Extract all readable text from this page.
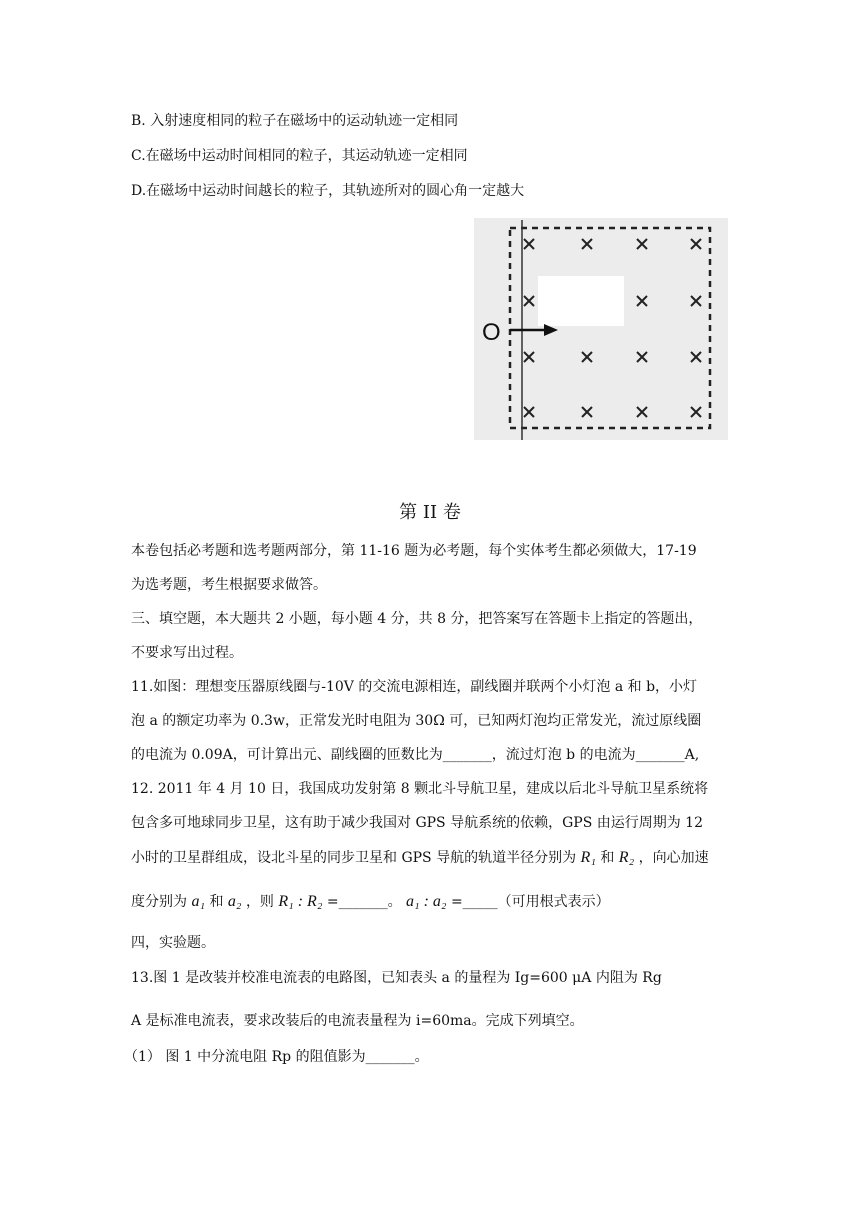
B. 入射速度相同的粒子在磁场中的运动轨迹一定相同
C.在磁场中运动时间相同的粒子，其运动轨迹一定相同
D.在磁场中运动时间越长的粒子，其轨迹所对的圆心角一定越大
O
第 II 卷
本卷包括必考题和选考题两部分，第 11-16 题为必考题，每个实体考生都必须做大，17-19
为选考题，考生根据要求做答。
三、填空题，本大题共 2 小题，每小题 4 分，共 8 分，把答案写在答题卡上指定的答题出，
不要求写出过程。
11.如图：理想变压器原线圈与-10V 的交流电源相连，副线圈并联两个小灯泡 a 和 b，小灯
泡 a 的额定功率为 0.3w，正常发光时电阻为 30Ω 可，已知两灯泡均正常发光，流过原线圈
的电流为 0.09A，可计算出元、副线圈的匝数比为_______，流过灯泡 b 的电流为_______A,
12. 2011 年 4 月 10 日，我国成功发射第 8 颗北斗导航卫星，建成以后北斗导航卫星系统将
包含多可地球同步卫星，这有助于减少我国对 GPS 导航系统的依赖，GPS 由运行周期为 12
小时的卫星群组成，设北斗星的同步卫星和 GPS 导航的轨道半径分别为 R₁ 和 R₂ ，向心加速
度分别为 a₁ 和 a₂ ，则 R₁ : R₂ =_______。 a₁ : a₂ =_____（可用根式表示）
四，实验题。
13.图 1 是改装并校准电流表的电路图，已知表头 a 的量程为 Ig=600 μA 内阻为 Rg
A 是标准电流表，要求改装后的电流表量程为 i=60ma。完成下列填空。
（1） 图 1 中分流电阻 Rp 的阻值影为_______。
